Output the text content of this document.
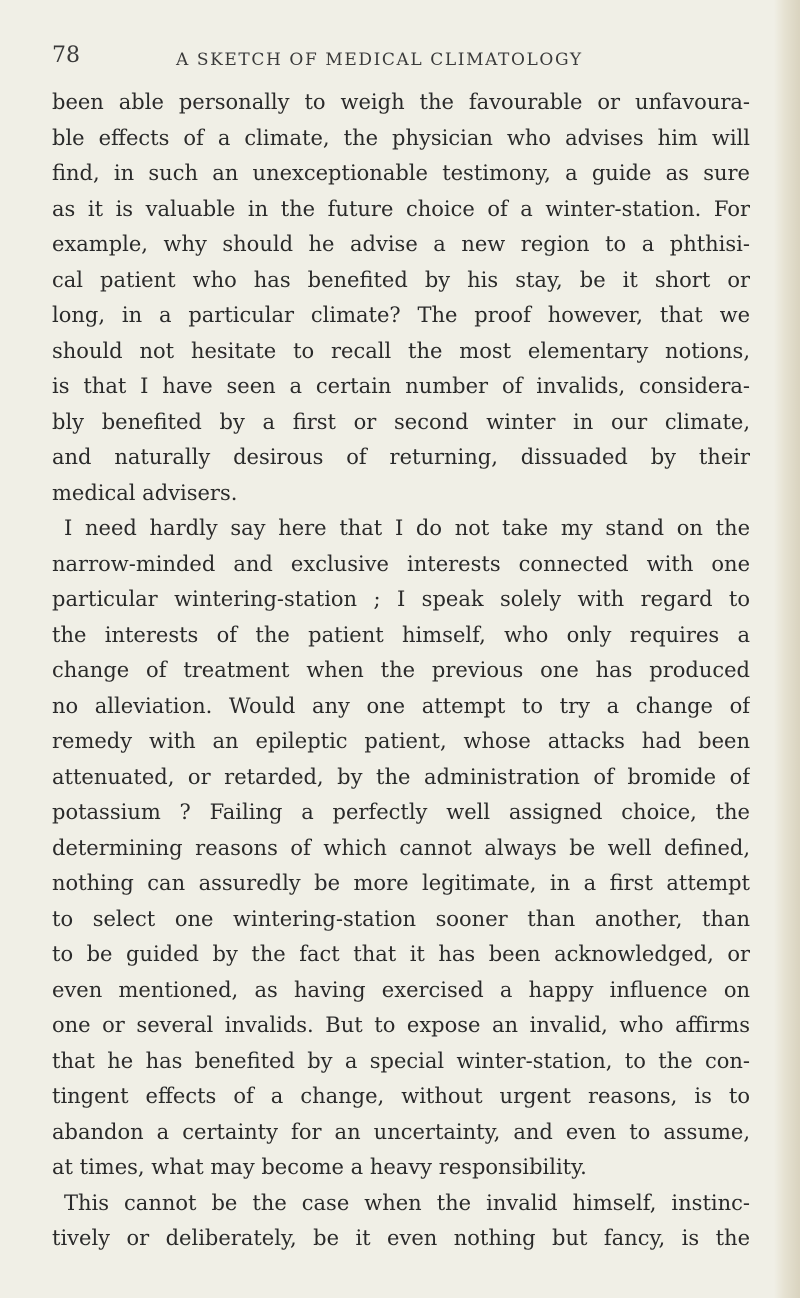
78	A SKETCH OF MEDICAL CLIMATOLOGY
been able personally to weigh the favourable or unfavoura-
ble effects of a climate, the physician who advises him will
find, in such an unexceptionable testimony, a guide as sure
as it is valuable in the future choice of a winter-station. For
example, why should he advise a new region to a phthisi-
cal patient who has benefited by his stay, be it short or
long, in a particular climate? The proof however, that we
should not hesitate to recall the most elementary notions,
is that I have seen a certain number of invalids, considera-
bly benefited by a first or second winter in our climate,
and naturally desirous of returning, dissuaded by their
medical advisers.
I need hardly say here that I do not take my stand on the
narrow-minded and exclusive interests connected with one
particular wintering-station ; I speak solely with regard to
the interests of the patient himself, who only requires a
change of treatment when the previous one has produced
no alleviation. Would any one attempt to try a change of
remedy with an epileptic patient, whose attacks had been
attenuated, or retarded, by the administration of bromide of
potassium ? Failing a perfectly well assigned choice, the
determining reasons of which cannot always be well defined,
nothing can assuredly be more legitimate, in a first attempt
to select one wintering-station sooner than another, than
to be guided by the fact that it has been acknowledged, or
even mentioned, as having exercised a happy influence on
one or several invalids. But to expose an invalid, who affirms
that he has benefited by a special winter-station, to the con-
tingent effects of a change, without urgent reasons, is to
abandon a certainty for an uncertainty, and even to assume,
at times, what may become a heavy responsibility.
This cannot be the case when the invalid himself, instinc-
tively or deliberately, be it even nothing but fancy, is the
